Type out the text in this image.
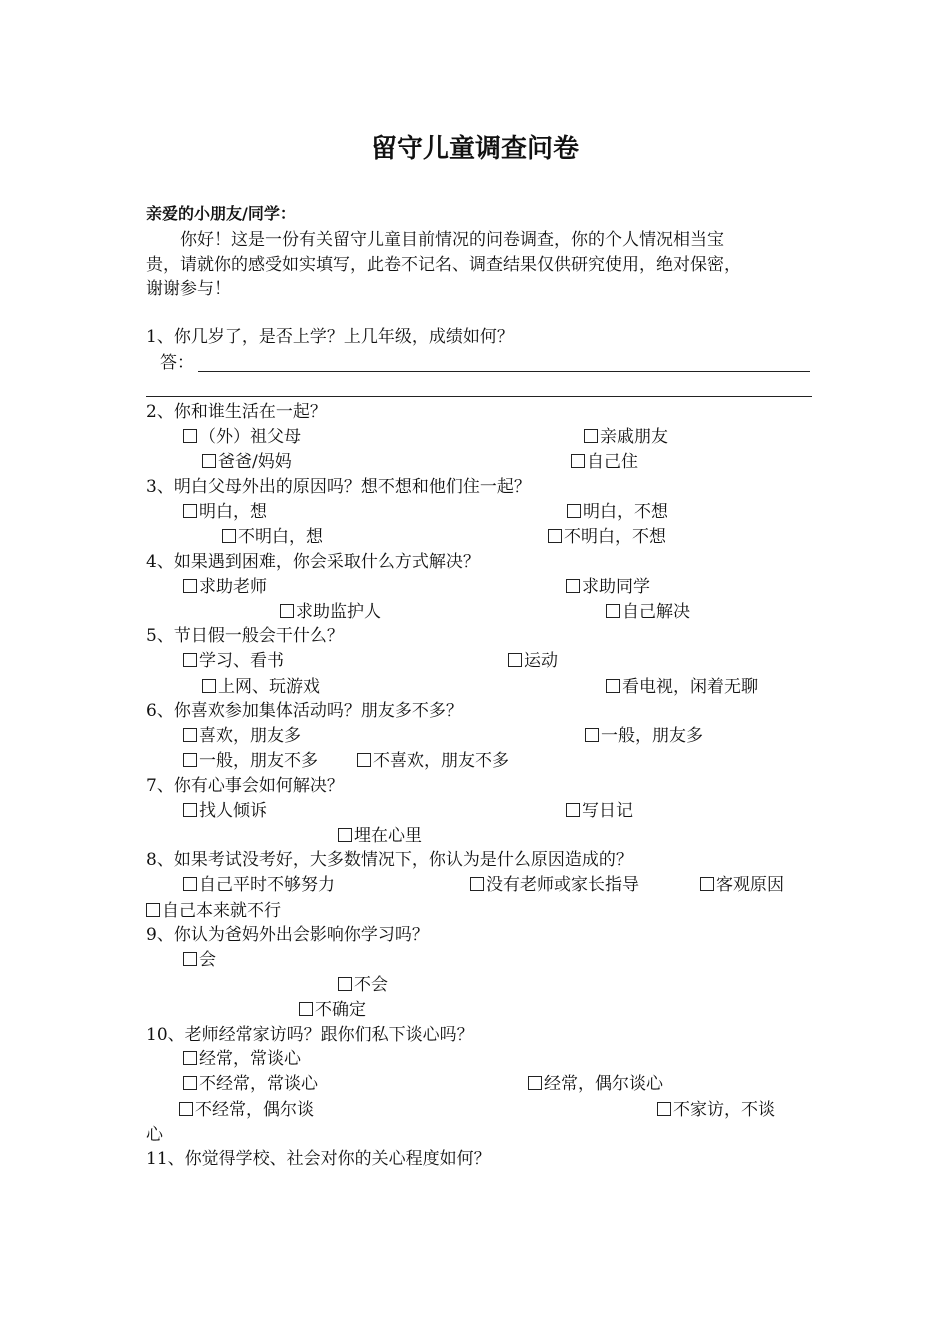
留守儿童调查问卷
亲爱的小朋友/同学：
你好！这是一份有关留守儿童目前情况的问卷调查，你的个人情况相当宝
贵，请就你的感受如实填写，此卷不记名、调查结果仅供研究使用，绝对保密，
谢谢参与！
1、你几岁了，是否上学？上几年级，成绩如何？
答：
2、你和谁生活在一起？
（外）祖父母	亲戚朋友
爸爸/妈妈	自己住
3、明白父母外出的原因吗？想不想和他们住一起？
明白，想	明白，不想
不明白，想	不明白，不想
4、如果遇到困难，你会采取什么方式解决？
求助老师	求助同学
求助监护人	自己解决
5、节日假一般会干什么？
学习、看书	运动
上网、玩游戏	看电视，闲着无聊
6、你喜欢参加集体活动吗？朋友多不多？
喜欢，朋友多	一般，朋友多
一般，朋友不多	不喜欢，朋友不多
7、你有心事会如何解决？
找人倾诉	写日记
埋在心里
8、如果考试没考好，大多数情况下，你认为是什么原因造成的？
自己平时不够努力	没有老师或家长指导	客观原因
自己本来就不行
9、你认为爸妈外出会影响你学习吗？
会
不会
不确定
10、老师经常家访吗？跟你们私下谈心吗？
经常，常谈心
不经常，常谈心	经常，偶尔谈心
不经常，偶尔谈	不家访，不谈
心
11、你觉得学校、社会对你的关心程度如何？
